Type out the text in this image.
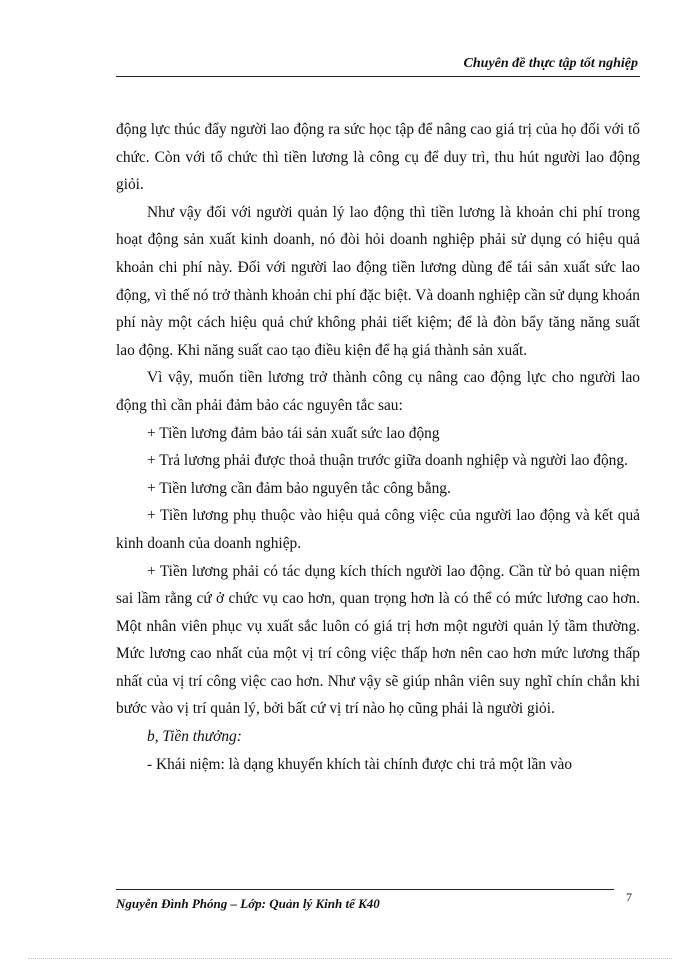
Chuyên đề thực tập tốt nghiệp

động lực thúc đẩy người lao động ra sức học tập để nâng cao giá trị của họ đối với tổ chức. Còn với tổ chức thì tiền lương là công cụ để duy trì, thu hút người lao động giỏi.

Như vậy đối với người quản lý lao động thì tiền lương là khoản chi phí trong hoạt động sản xuất kinh doanh, nó đòi hỏi doanh nghiệp phải sử dụng có hiệu quả khoản chi phí này. Đối với người lao động tiền lương dùng để tái sản xuất sức lao động, vì thế nó trở thành khoản chi phí đặc biệt. Và doanh nghiệp cần sử dụng khoán phí này một cách hiệu quả chứ không phải tiết kiệm; để là đòn bẩy tăng năng suất lao động. Khi năng suất cao tạo điều kiện để hạ giá thành sản xuất.

Vì vậy, muốn tiền lương trở thành công cụ nâng cao động lực cho người lao động thì cần phải đảm bảo các nguyên tắc sau:

+ Tiền lương đảm bảo tái sản xuất sức lao động

+ Trả lương phải được thoả thuận trước giữa doanh nghiệp và người lao động.

+ Tiền lương cần đảm bảo nguyên tắc công bằng.

+ Tiền lương phụ thuộc vào hiệu quả công việc của người lao động và kết quả kinh doanh của doanh nghiệp.

+ Tiền lương phải có tác dụng kích thích người lao động. Cần từ bỏ quan niệm sai lầm rằng cứ ở chức vụ cao hơn, quan trọng hơn là có thể có mức lương cao hơn. Một nhân viên phục vụ xuất sắc luôn có giá trị hơn một người quản lý tầm thường. Mức lương cao nhất của một vị trí công việc thấp hơn nên cao hơn mức lương thấp nhất của vị trí công việc cao hơn. Như vậy sẽ giúp nhân viên suy nghĩ chín chắn khi bước vào vị trí quản lý, bởi bất cứ vị trí nào họ cũng phải là người giỏi.

b, Tiền thưởng:

- Khái niệm: là dạng khuyến khích tài chính được chi trả một lần vào

Nguyễn Đình Phóng – Lớp: Quản lý Kinh tế K40	7
